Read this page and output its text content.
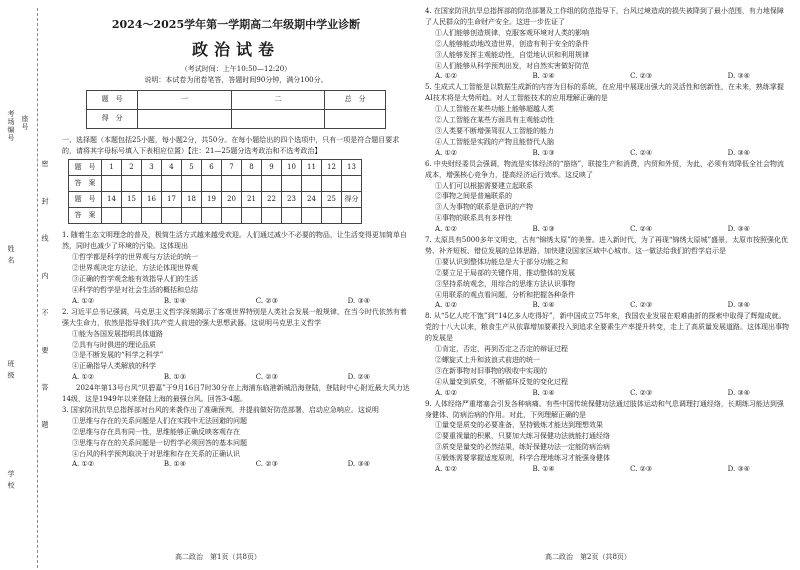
学 校
班 级
姓 名
考场编号 座号
密 封 线 内 不 要 答 题
2024～2025学年第一学期高二年级期中学业诊断
政治试卷
（考试时间：上午10:50—12:20）
说明：本试卷为闭卷笔答，答题时间90分钟，满分100分。
题　号	一	二	总　分
得　分			
一、选择题（本题包括25小题，每小题2分，共50分。在每小题给出的四个选项中，只有一项是符合题目要求的，请将其字母标号填入下表相应位置）【注：21—25题分选考政治和不选考政治】
题　号	1	2	3	4	5	6	7	8	9	10	11	12	13
答　案													
题　号	14	15	16	17	18	19	20	21	22	23	24	25	得分
答　案													
1. 随着生态文明理念的普及，极简生活方式越来越受欢迎。人们通过减少不必要的物品，让生活变得更加简单自然，同时也减少了环境的污染。这体现出
①哲学都是科学的世界观与方法论的统一
②世界观决定方法论，方法论体现世界观
③正确的哲学观念能有效指导人们的生活
④科学的哲学是对社会生活的概括和总结
A. ①②	B. ①④	C. ②③	D. ③④
2. 习近平总书记强调，马克思主义哲学深刻揭示了客观世界特别是人类社会发展一般规律，在当今时代依然有着强大生命力，依然是指导我们共产党人前进的强大思想武器。这说明马克思主义哲学
①能为各国发展指明具体道路
②具有与时俱进的理论品质
③是不断发展的“科学之科学”
④正确指导人类解放的科学
A. ①②	B. ①③	C. ②③	D. ②④
　　2024年第13号台风“贝碧嘉”于9月16日7时30分在上海浦东临港新城沿海登陆，登陆时中心附近最大风力达14级，这是1949年以来登陆上海的最强台风。回答3-4题。
3. 国家防汛抗旱总指挥部对台风的来袭作出了准确预判，并提前做好防范部署，启动应急响应。这说明
①思维与存在的关系问题是人们在实践中无法回避的问题
②思维与存在具有同一性，思维能够正确反映客观存在
③思维与存在的关系问题是一切哲学必须回答的基本问题
④台风的科学预判取决于对思维和存在关系的正确认识
A. ①②	B. ①④	C. ②③	D. ③④
4. 在国家防汛抗旱总指挥部的防范部署及工作组的防范指导下，台风过境造成的损失被降到了最小范围，有力地保障了人民群众的生命财产安全。这进一步佐证了
①人们能够创造规律，克服客观环境对人类的影响
②人能够能动地改造世界，创造有利于安全的条件
③人能够发挥主观能动性，自觉地认识和利用规律
④人们能够从科学预判出发，对自然实害做好防范
A. ①②	B. ①④	C. ②③	D. ③④
5. 生成式人工智能是以数据生成新的内容为目标的系统，在应用中展现出强大的灵活性和创新性，在未来，熟练掌握AI技术将是大势所趋。对人工智能技术的应用理解正确的是
①人工智能在某些功能上能够超越人类
②人工智能在某些方面具有主观能动性
③人类要不断增强驾驭人工智能的能力
④人工智能是实践的产物且能替代人脑
A. ①②	B. ①③	C. ②④	D. ③④
6. 中央财经委员会强调，物流是实体经济的“筋络”，联接生产和消费，内贸和外贸，为此，必须有效降低全社会物流成本，增强核心竞争力，提高经济运行效率。这反映了
①人们可以根据需要建立起联系
②事物之间是普遍联系的
③人为事物的联系是意识的产物
④事物的联系具有多样性
A. ①②	B. ①③	C. ②④	D. ③④
7. 太原具有5000多年文明史，古有“锦绣太原”的美誉。进入新时代，为了再现“锦绣太原城”盛景，太原市按照强化优势、补齐短板、错位发展的总体思路，加快建设国家区域中心城市。这一做法给我们的哲学启示是
①要认识到整体功能总是大于部分功能之和
②要立足于局部的关键作用，推动整体的发展
③坚持系统观念，用综合的思维方法认识事物
④用联系的观点看问题，分析和把握各种条件
A. ①②	B. ①④	C. ②③	D. ③④
8. 从“5亿人吃不饱”到“14亿多人吃得好”，新中国成立75年来，我国农业发展在艰难曲折的探索中取得了辉煌成就。党的十八大以来，粮食生产从依靠增加要素投入到追求全要素生产率提升转变，走上了高质量发展道路。这体现出事物的发展是
①肯定，否定，再到否定之否定的辩证过程
②螺旋式上升和波浪式前进的统一
③在新事物对旧事物的吸收中实现的
④从量变到质变，不断循环反复的变化过程
A. ①②	B. ①④	C. ②③	D. ③④
9. 人体经络严重堵塞会引发各种病痛。有些中国传统保健功法通过肢体运动和气息调理打通经络，长期练习能达到强身健体、防病治病的作用。对此，下列理解正确的是
①量变是质变的必要准备，坚持锻炼才能达到理想效果
②要重视量的积累，只要加大练习保健功法就能打通经络
③质变是量变的必然结果，练好保健功法一定能防病治病
④锻炼需要掌握适度原则，科学合理地练习才能强身健体
A. ①②	B. ①④	C. ②③	D. ③④
高二政治　第1页（共8页）	高二政治　第2页（共8页）
